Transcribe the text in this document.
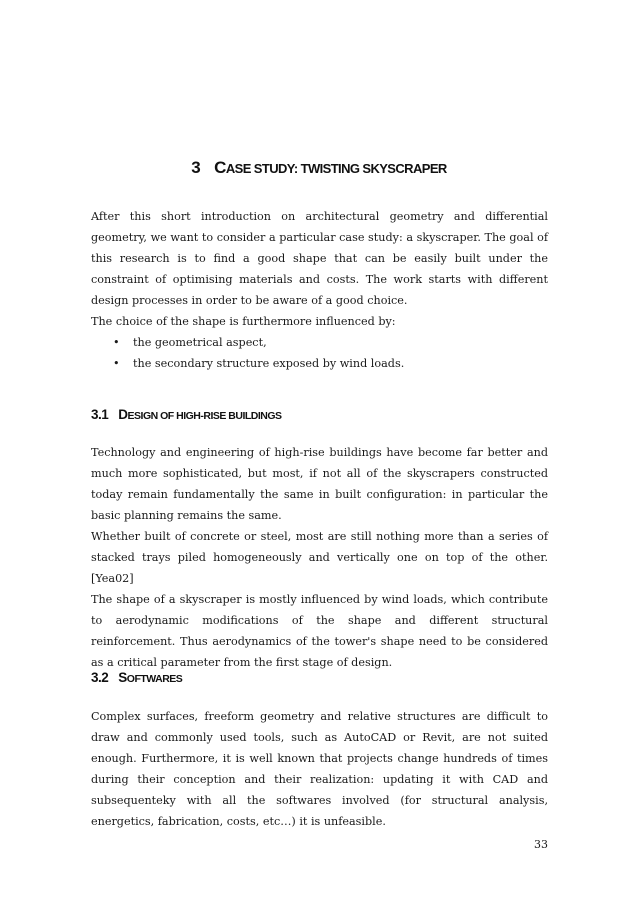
3 CASE STUDY: TWISTING SKYSCRAPER

After this short introduction on architectural geometry and differential geometry, we want to consider a particular case study: a skyscraper. The goal of this research is to find a good shape that can be easily built under the constraint of optimising materials and costs. The work starts with different design processes in order to be aware of a good choice.

The choice of the shape is furthermore influenced by:

• the geometrical aspect,
• the secondary structure exposed by wind loads.
3.1 DESIGN OF HIGH-RISE BUILDINGS

Technology and engineering of high-rise buildings have become far better and much more sophisticated, but most, if not all of the skyscrapers constructed today remain fundamentally the same in built configuration: in particular the basic planning remains the same.

Whether built of concrete or steel, most are still nothing more than a series of stacked trays piled homogeneously and vertically one on top of the other. [Yea02]

The shape of a skyscraper is mostly influenced by wind loads, which contribute to aerodynamic modifications of the shape and different structural reinforcement. Thus aerodynamics of the tower's shape need to be considered as a critical parameter from the first stage of design.

3.2 SOFTWARES

Complex surfaces, freeform geometry and relative structures are difficult to draw and commonly used tools, such as AutoCAD or Revit, are not suited enough. Furthermore, it is well known that projects change hundreds of times during their conception and their realization: updating it with CAD and subsequenteky with all the softwares involved (for structural analysis, energetics, fabrication, costs, etc…) it is unfeasible.

33
